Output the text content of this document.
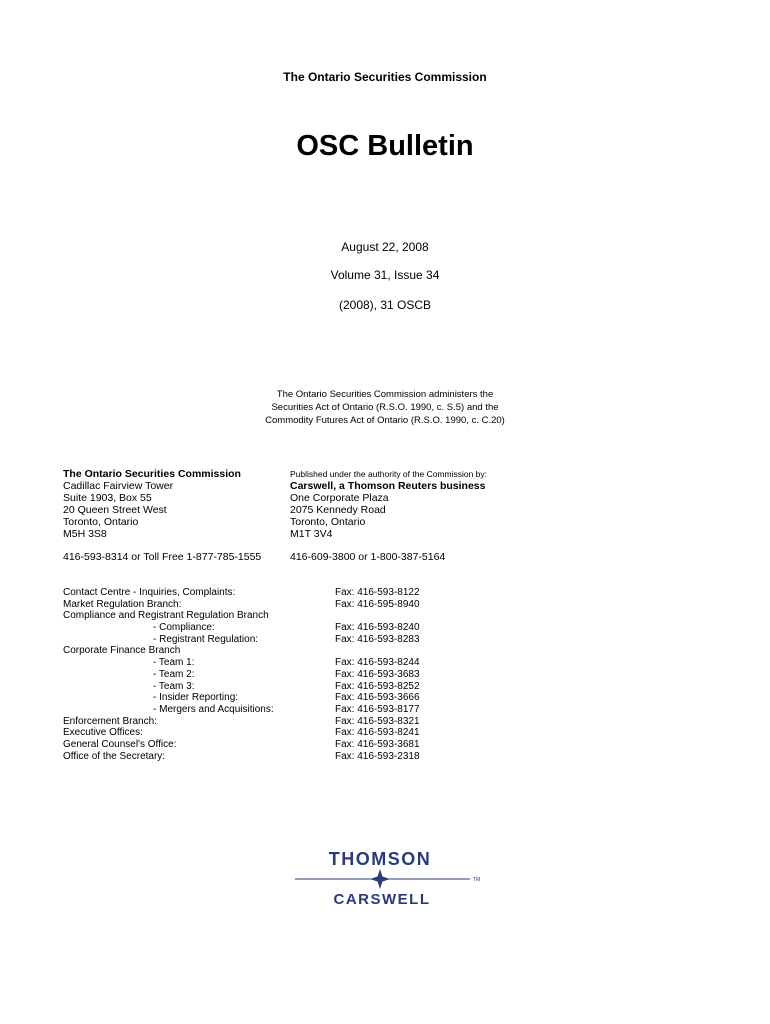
The Ontario Securities Commission
OSC Bulletin
August 22, 2008
Volume 31, Issue 34
(2008), 31 OSCB
The Ontario Securities Commission administers the
Securities Act of Ontario (R.S.O. 1990, c. S.5) and the
Commodity Futures Act of Ontario (R.S.O. 1990, c. C.20)
The Ontario Securities Commission
Cadillac Fairview Tower
Suite 1903, Box 55
20 Queen Street West
Toronto, Ontario
M5H 3S8
416-593-8314 or Toll Free 1-877-785-1555
Published under the authority of the Commission by:
Carswell, a Thomson Reuters business
One Corporate Plaza
2075 Kennedy Road
Toronto, Ontario
M1T 3V4
416-609-3800 or 1-800-387-5164
Contact Centre - Inquiries, Complaints:
Market Regulation Branch:
Compliance and Registrant Regulation Branch
- Compliance:
- Registrant Regulation:
Corporate Finance Branch
- Team 1:
- Team 2:
- Team 3:
- Insider Reporting:
- Mergers and Acquisitions:
Enforcement Branch:
Executive Offices:
General Counsel's Office:
Office of the Secretary:
Fax: 416-593-8122
Fax: 416-595-8940
Fax: 416-593-8240
Fax: 416-593-8283
Fax: 416-593-8244
Fax: 416-593-3683
Fax: 416-593-8252
Fax: 416-593-3666
Fax: 416-593-8177
Fax: 416-593-8321
Fax: 416-593-8241
Fax: 416-593-3681
Fax: 416-593-2318
THOMSON
TM
CARSWELL
